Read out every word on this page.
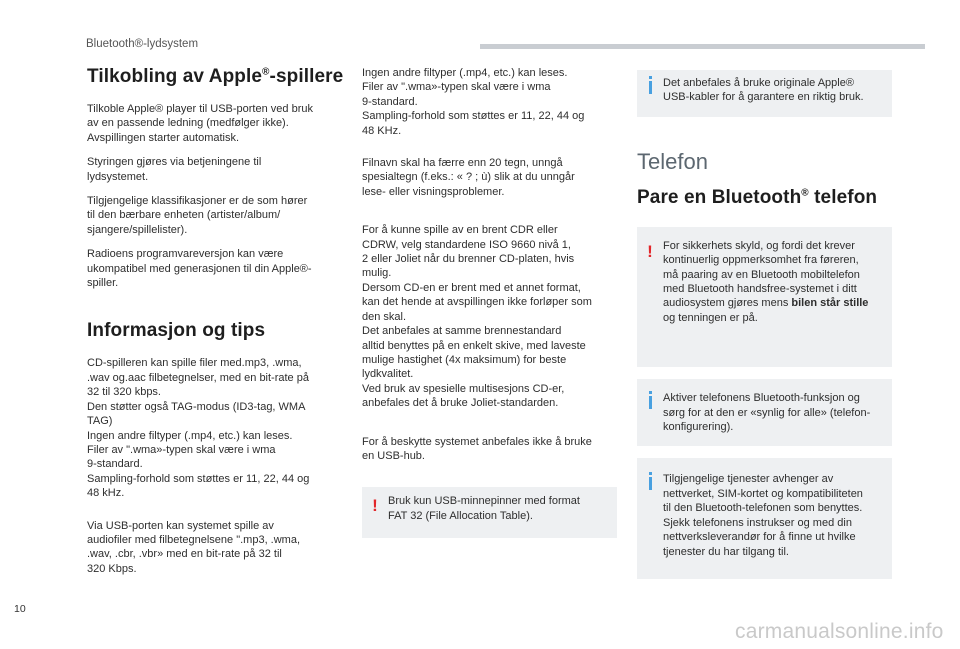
Bluetooth®-lydsystem
Tilkobling av Apple®-spillere

Tilkoble Apple® player til USB-porten ved bruk
av en passende ledning (medfølger ikke).
Avspillingen starter automatisk.

Styringen gjøres via betjeningene til
lydsystemet.

Tilgjengelige klassifikasjoner er de som hører
til den bærbare enheten (artister/album/
sjangere/spillelister).

Radioens programvareversjon kan være
ukompatibel med generasjonen til din Apple®-
spiller.

Informasjon og tips

CD-spilleren kan spille filer med.mp3, .wma,
.wav og.aac filbetegnelser, med en bit-rate på
32 til 320 kbps.
Den støtter også TAG-modus (ID3-tag, WMA
TAG)
Ingen andre filtyper (.mp4, etc.) kan leses.
Filer av ".wma»-typen skal være i wma
9-standard.
Sampling-forhold som støttes er 11, 22, 44 og
48 kHz.

Via USB-porten kan systemet spille av
audiofiler med filbetegnelsene ".mp3, .wma,
.wav, .cbr, .vbr» med en bit-rate på 32 til
320 Kbps.

Ingen andre filtyper (.mp4, etc.) kan leses.
Filer av ".wma»-typen skal være i wma
9-standard.
Sampling-forhold som støttes er 11, 22, 44 og
48 KHz.

Filnavn skal ha færre enn 20 tegn, unngå
spesialtegn (f.eks.: « ? ; ù) slik at du unngår
lese- eller visningsproblemer.

For å kunne spille av en brent CDR eller
CDRW, velg standardene ISO 9660 nivå 1,
2 eller Joliet når du brenner CD-platen, hvis
mulig.
Dersom CD-en er brent med et annet format,
kan det hende at avspillingen ikke forløper som
den skal.
Det anbefales at samme brennestandard
alltid benyttes på en enkelt skive, med laveste
mulige hastighet (4x maksimum) for beste
lydkvalitet.
Ved bruk av spesielle multisesjons CD-er,
anbefales det å bruke Joliet-standarden.

For å beskytte systemet anbefales ikke å bruke
en USB-hub.

! Bruk kun USB-minnepinner med format
FAT 32 (File Allocation Table).

Det anbefales å bruke originale Apple®
USB-kabler for å garantere en riktig bruk.

Telefon
Pare en Bluetooth® telefon
! For sikkerhets skyld, og fordi det krever
kontinuerlig oppmerksomhet fra føreren,
må paaring av en Bluetooth mobiltelefon
med Bluetooth handsfree-systemet i ditt
audiosystem gjøres mens bilen står stille
og tenningen er på.

Aktiver telefonens Bluetooth-funksjon og
sørg for at den er «synlig for alle» (telefon-
konfigurering).

Tilgjengelige tjenester avhenger av
nettverket, SIM-kortet og kompatibiliteten
til den Bluetooth-telefonen som benyttes.
Sjekk telefonens instrukser og med din
nettverksleverandør for å finne ut hvilke
tjenester du har tilgang til.

10
carmanualsonline.info
